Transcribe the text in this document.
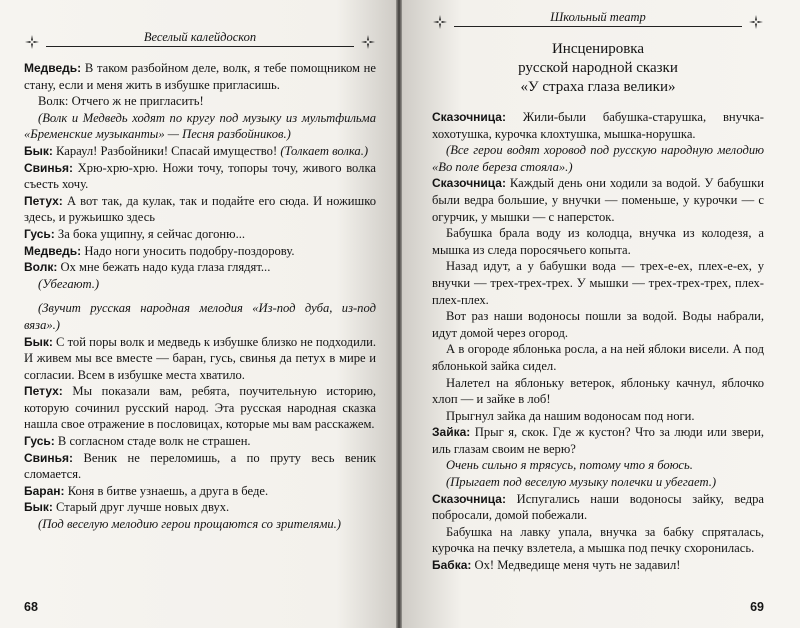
Веселый калейдоскоп

Медведь: В таком разбойном деле, волк, я тебе помощником не стану, если и меня жить в избушке пригласишь.

Волк: Отчего ж не пригласить!

(Волк и Медведь ходят по кругу под музыку из мультфильма «Бременские музыканты» — Песня разбойников.)

Бык: Караул! Разбойники! Спасай имущество! (Толкает волка.)

Свинья: Хрю-хрю-хрю. Ножи точу, топоры точу, живого волка съесть хочу.

Петух: А вот так, да кулак, так и подайте его сюда. И ножишко здесь, и ружьишко здесь

Гусь: За бока ущипну, я сейчас догоню...

Медведь: Надо ноги уносить подобру-поздорову.

Волк: Ох мне бежать надо куда глаза глядят...

(Убегают.)

(Звучит русская народная мелодия «Из-под дуба, из-под вяза».)

Бык: С той поры волк и медведь к избушке близко не подходили. И живем мы все вместе — баран, гусь, свинья да петух в мире и согласии. Всем в избушке места хватило.

Петух: Мы показали вам, ребята, поучительную историю, которую сочинил русский народ. Эта русская народная сказка нашла свое отражение в пословицах, которые мы вам расскажем.

Гусь: В согласном стаде волк не страшен.

Свинья: Веник не переломишь, а по пруту весь веник сломается.

Баран: Коня в битве узнаешь, а друга в беде.

Бык: Старый друг лучше новых двух.

(Под веселую мелодию герои прощаются со зрителями.)

68
Школьный театр
Инсценировка
русской народной сказки
«У страха глаза велики»

Сказочница: Жили-были бабушка-старушка, внучка-хохотушка, курочка клохтушка, мышка-норушка.

(Все герои водят хоровод под русскую народную мелодию «Во поле береза стояла».)

Сказочница: Каждый день они ходили за водой. У бабушки были ведра большие, у внучки — поменьше, у курочки — с огурчик, у мышки — с наперсток.

Бабушка брала воду из колодца, внучка из колодезя, а мышка из следа поросячьего копыта.

Назад идут, а у бабушки вода — трех-е-ех, плех-е-ех, у внучки — трех-трех-трех. У мышки — трех-трех-трех, плех-плех-плех.

Вот раз наши водоносы пошли за водой. Воды набрали, идут домой через огород.

А в огороде яблонька росла, а на ней яблоки висели. А под яблонькой зайка сидел.

Налетел на яблоньку ветерок, яблоньку качнул, яблочко хлоп — и зайке в лоб!

Прыгнул зайка да нашим водоносам под ноги.

Зайка: Прыг я, скок. Где ж кустон? Что за люди или звери, иль глазам своим не верю?

Очень сильно я трясусь, потому что я боюсь.

(Прыгает под веселую музыку полечки и убегает.)

Сказочница: Испугались наши водоносы зайку, ведра побросали, домой побежали.

Бабушка на лавку упала, внучка за бабку спряталась, курочка на печку взлетела, а мышка под печку схоронилась.

Бабка: Ох! Медведище меня чуть не задавил!

69
